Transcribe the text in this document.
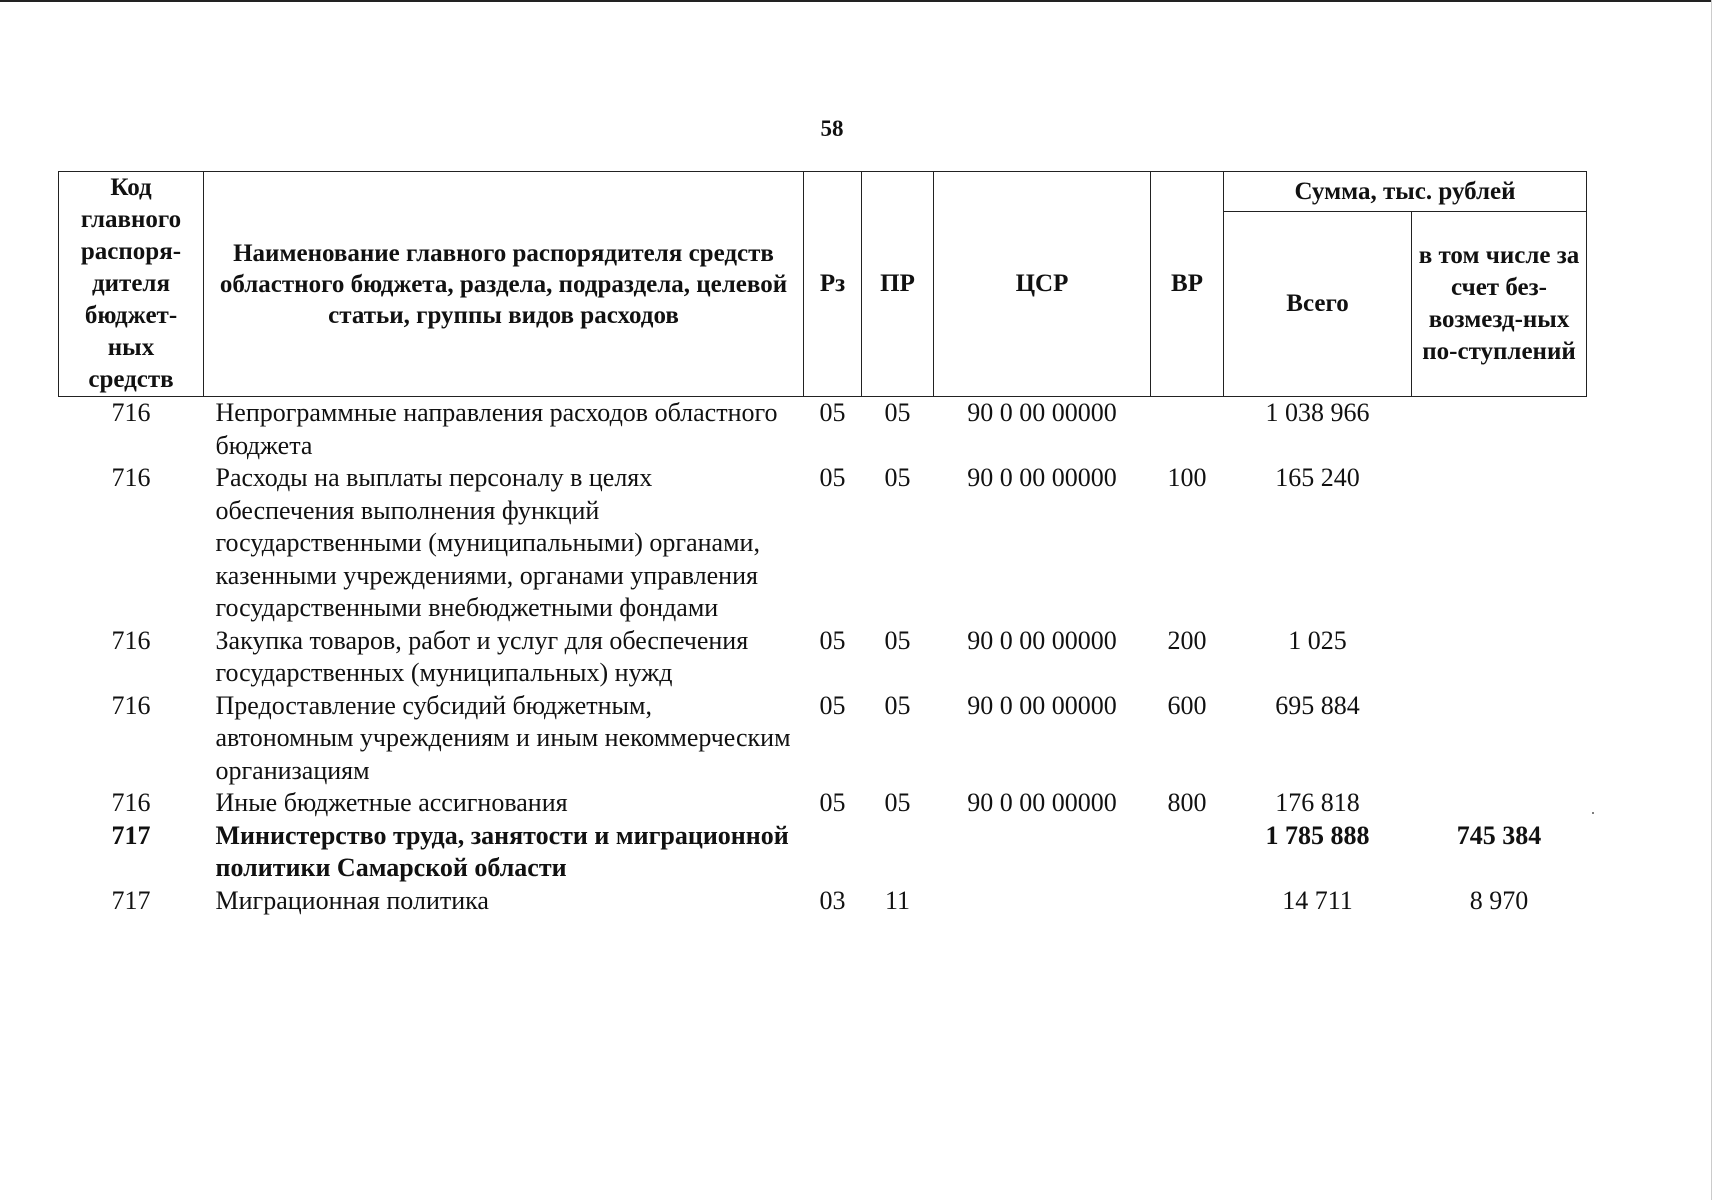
58
Код главного распоря-дителя бюджет-ных средств	Наименование главного распорядителя средств областного бюджета, раздела, подраздела, целевой статьи, группы видов расходов	Рз	ПР	ЦСР	ВР	Сумма, тыс. рублей	
						Всего	в том числе за счет без-возмезд-ных по-ступлений
716	Непрограммные направления расходов областного бюджета	05	05	90 0 00 00000		1 038 966	
716	Расходы на выплаты персоналу в целях обеспечения выполнения функций государственными (муниципальными) органами, казенными учреждениями, органами управления государственными внебюджетными фондами	05	05	90 0 00 00000	100	165 240	
716	Закупка товаров, работ и услуг для обеспечения государственных (муниципальных) нужд	05	05	90 0 00 00000	200	1 025	
716	Предоставление субсидий бюджетным, автономным учреждениям и иным некоммерческим организациям	05	05	90 0 00 00000	600	695 884	
716	Иные бюджетные ассигнования	05	05	90 0 00 00000	800	176 818	
717	Министерство труда, занятости и миграционной политики Самарской области					1 785 888	745 384
717	Миграционная политика	03	11			14 711	8 970
